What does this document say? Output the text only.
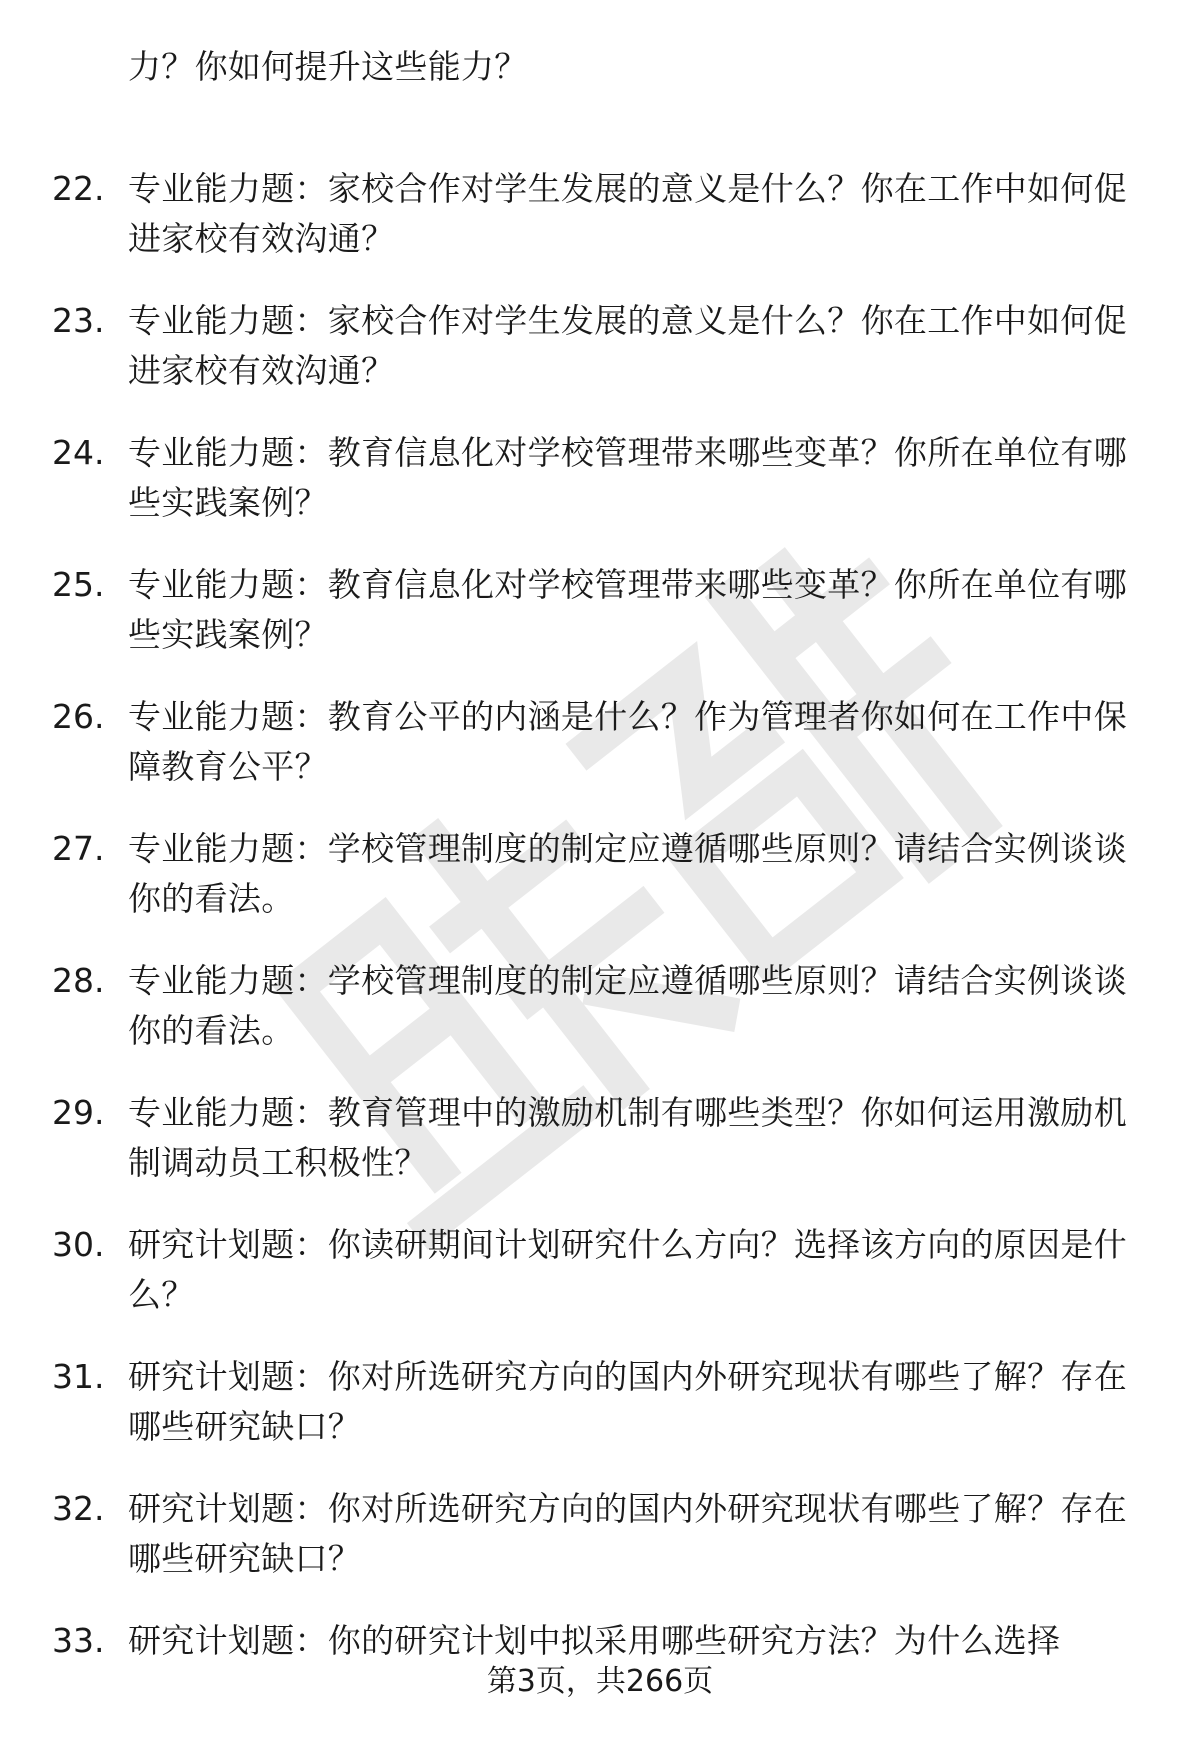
力？你如何提升这些能力？
22. 专业能力题：家校合作对学生发展的意义是什么？你在工作中如何促进家校有效沟通？
23. 专业能力题：家校合作对学生发展的意义是什么？你在工作中如何促进家校有效沟通？
24. 专业能力题：教育信息化对学校管理带来哪些变革？你所在单位有哪些实践案例？
25. 专业能力题：教育信息化对学校管理带来哪些变革？你所在单位有哪些实践案例？
26. 专业能力题：教育公平的内涵是什么？作为管理者你如何在工作中保障教育公平？
27. 专业能力题：学校管理制度的制定应遵循哪些原则？请结合实例谈谈你的看法。
28. 专业能力题：学校管理制度的制定应遵循哪些原则？请结合实例谈谈你的看法。
29. 专业能力题：教育管理中的激励机制有哪些类型？你如何运用激励机制调动员工积极性？
30. 研究计划题：你读研期间计划研究什么方向？选择该方向的原因是什么？
31. 研究计划题：你对所选研究方向的国内外研究现状有哪些了解？存在哪些研究缺口？
32. 研究计划题：你对所选研究方向的国内外研究现状有哪些了解？存在哪些研究缺口？
33. 研究计划题：你的研究计划中拟采用哪些研究方法？为什么选择
第3页，共266页
